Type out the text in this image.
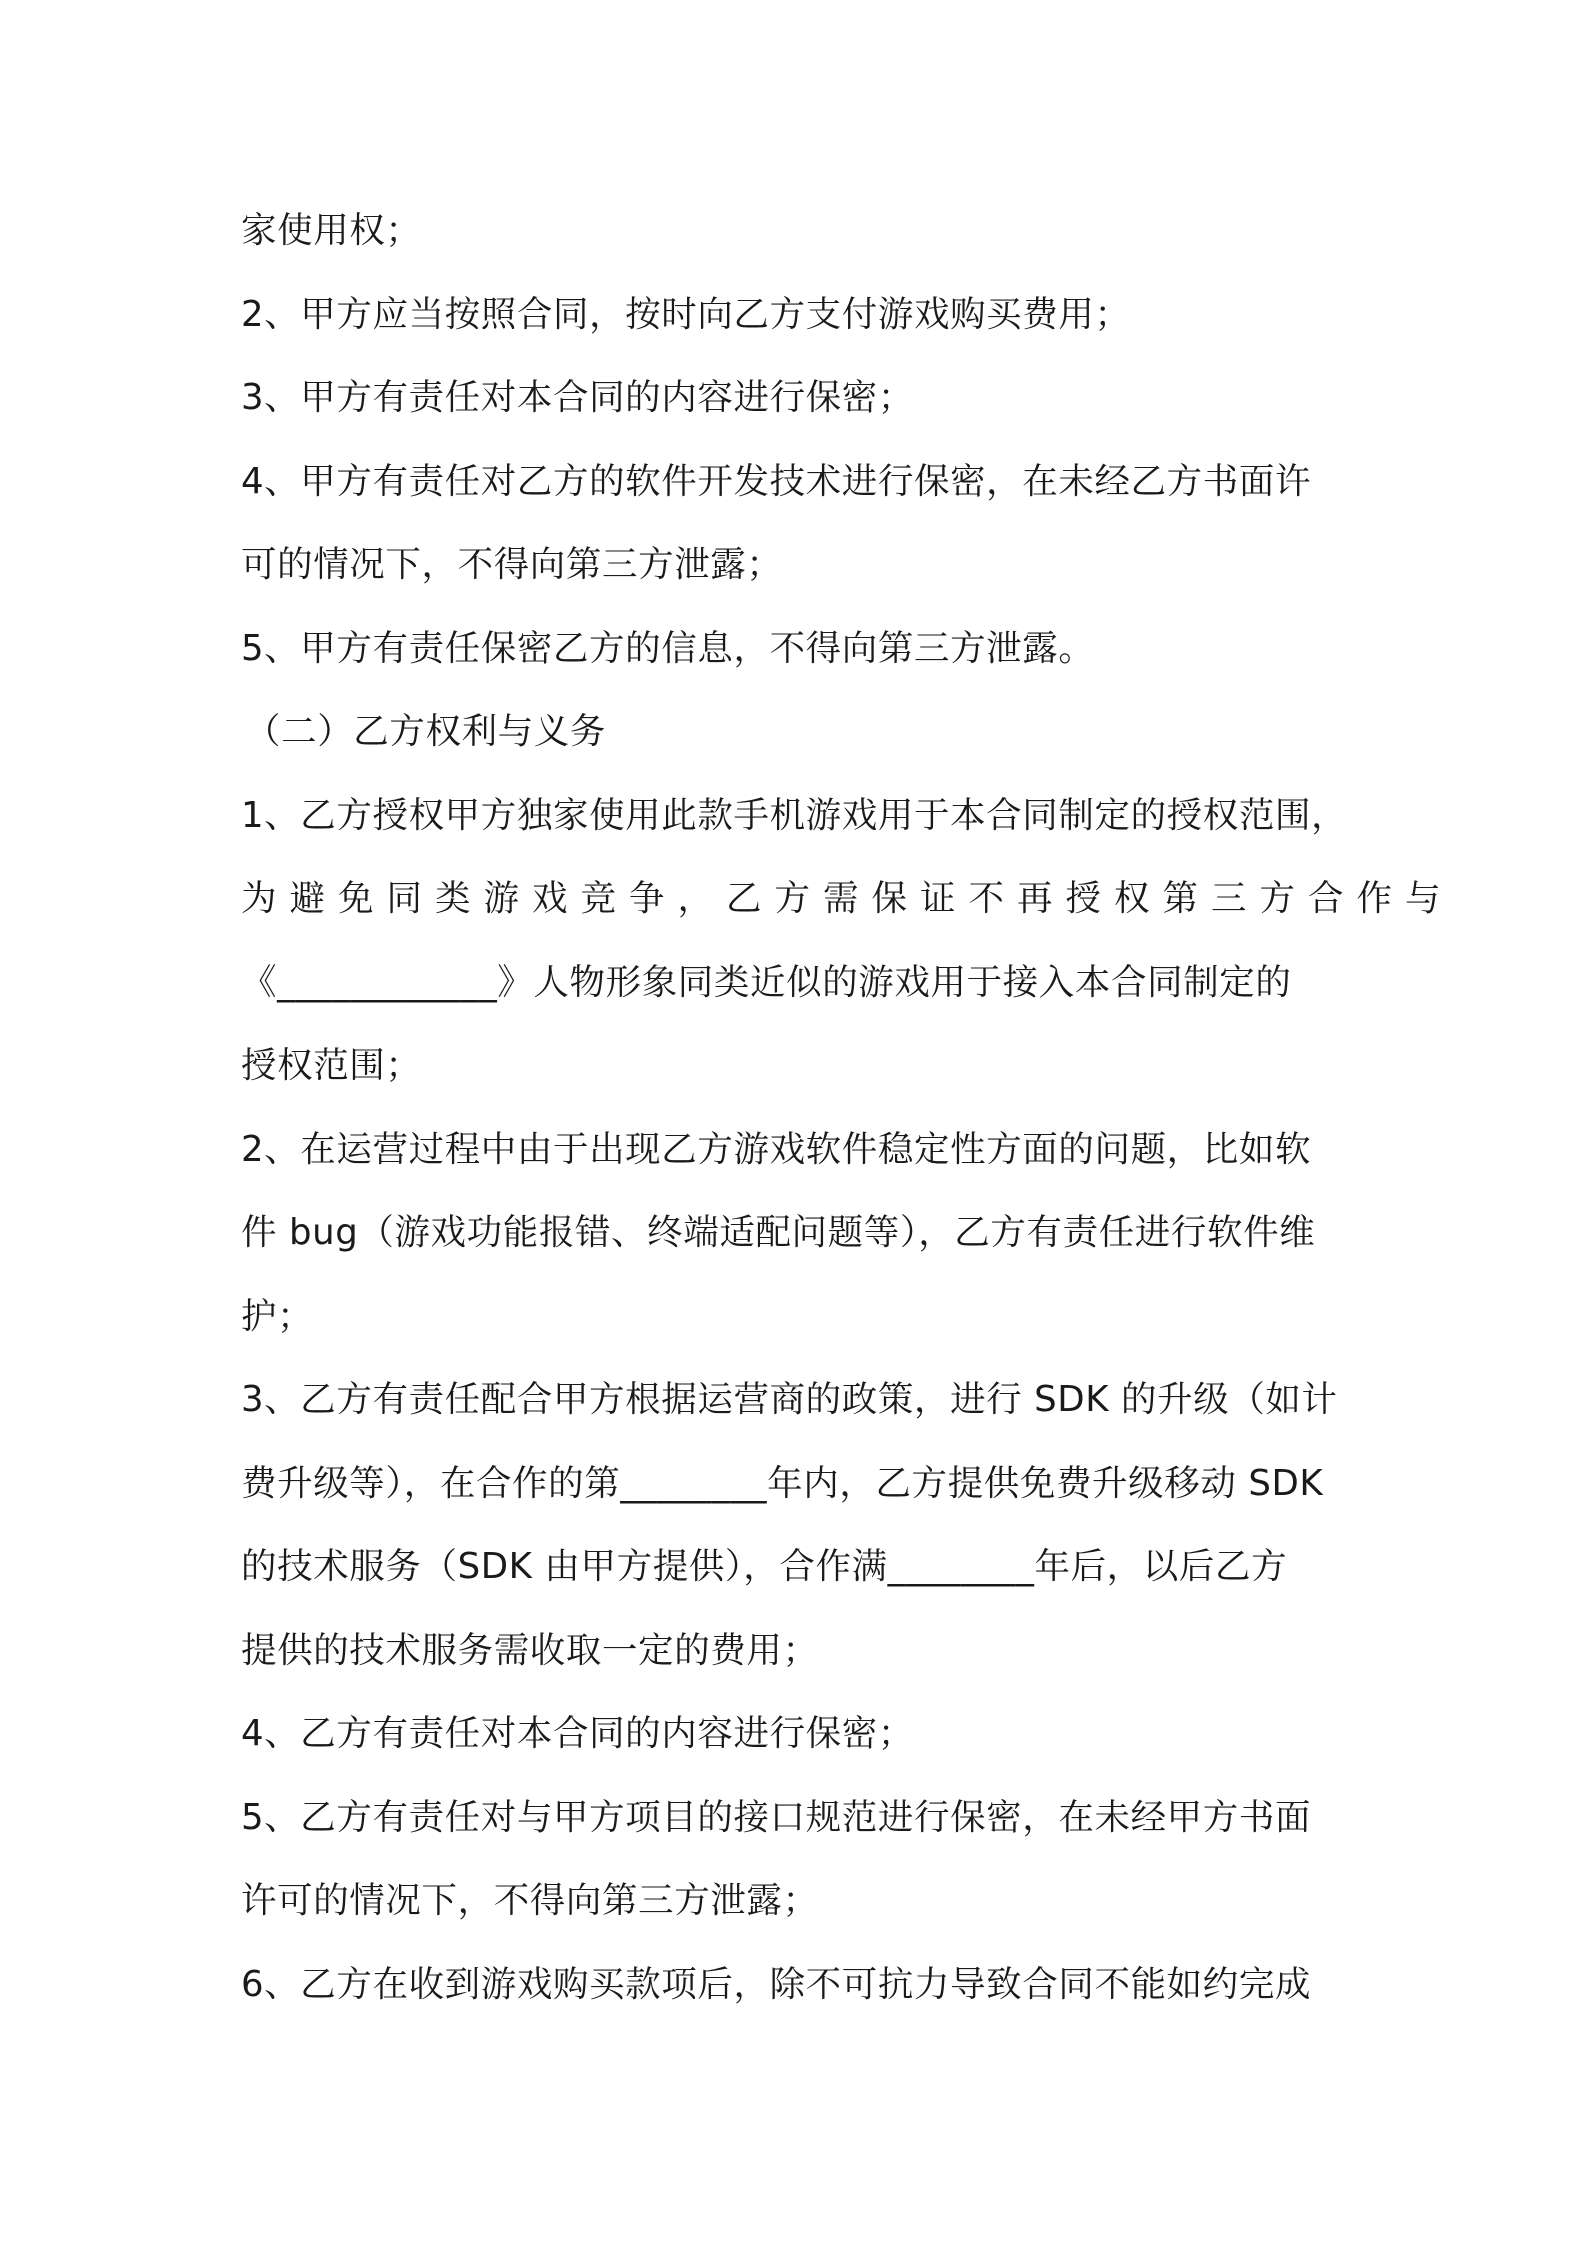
家使用权；
2、甲方应当按照合同，按时向乙方支付游戏购买费用；
3、甲方有责任对本合同的内容进行保密；
4、甲方有责任对乙方的软件开发技术进行保密，在未经乙方书面许
可的情况下，不得向第三方泄露；
5、甲方有责任保密乙方的信息，不得向第三方泄露。
（二）乙方权利与义务
1、乙方授权甲方独家使用此款手机游戏用于本合同制定的授权范围，
为避免同类游戏竞争，乙方需保证不再授权第三方合作与
《____________》人物形象同类近似的游戏用于接入本合同制定的
授权范围；
2、在运营过程中由于出现乙方游戏软件稳定性方面的问题，比如软
件 bug（游戏功能报错、终端适配问题等），乙方有责任进行软件维
护；
3、乙方有责任配合甲方根据运营商的政策，进行 SDK 的升级（如计
费升级等），在合作的第________年内，乙方提供免费升级移动 SDK
的技术服务（SDK 由甲方提供），合作满________年后，以后乙方
提供的技术服务需收取一定的费用；
4、乙方有责任对本合同的内容进行保密；
5、乙方有责任对与甲方项目的接口规范进行保密，在未经甲方书面
许可的情况下，不得向第三方泄露；
6、乙方在收到游戏购买款项后，除不可抗力导致合同不能如约完成
